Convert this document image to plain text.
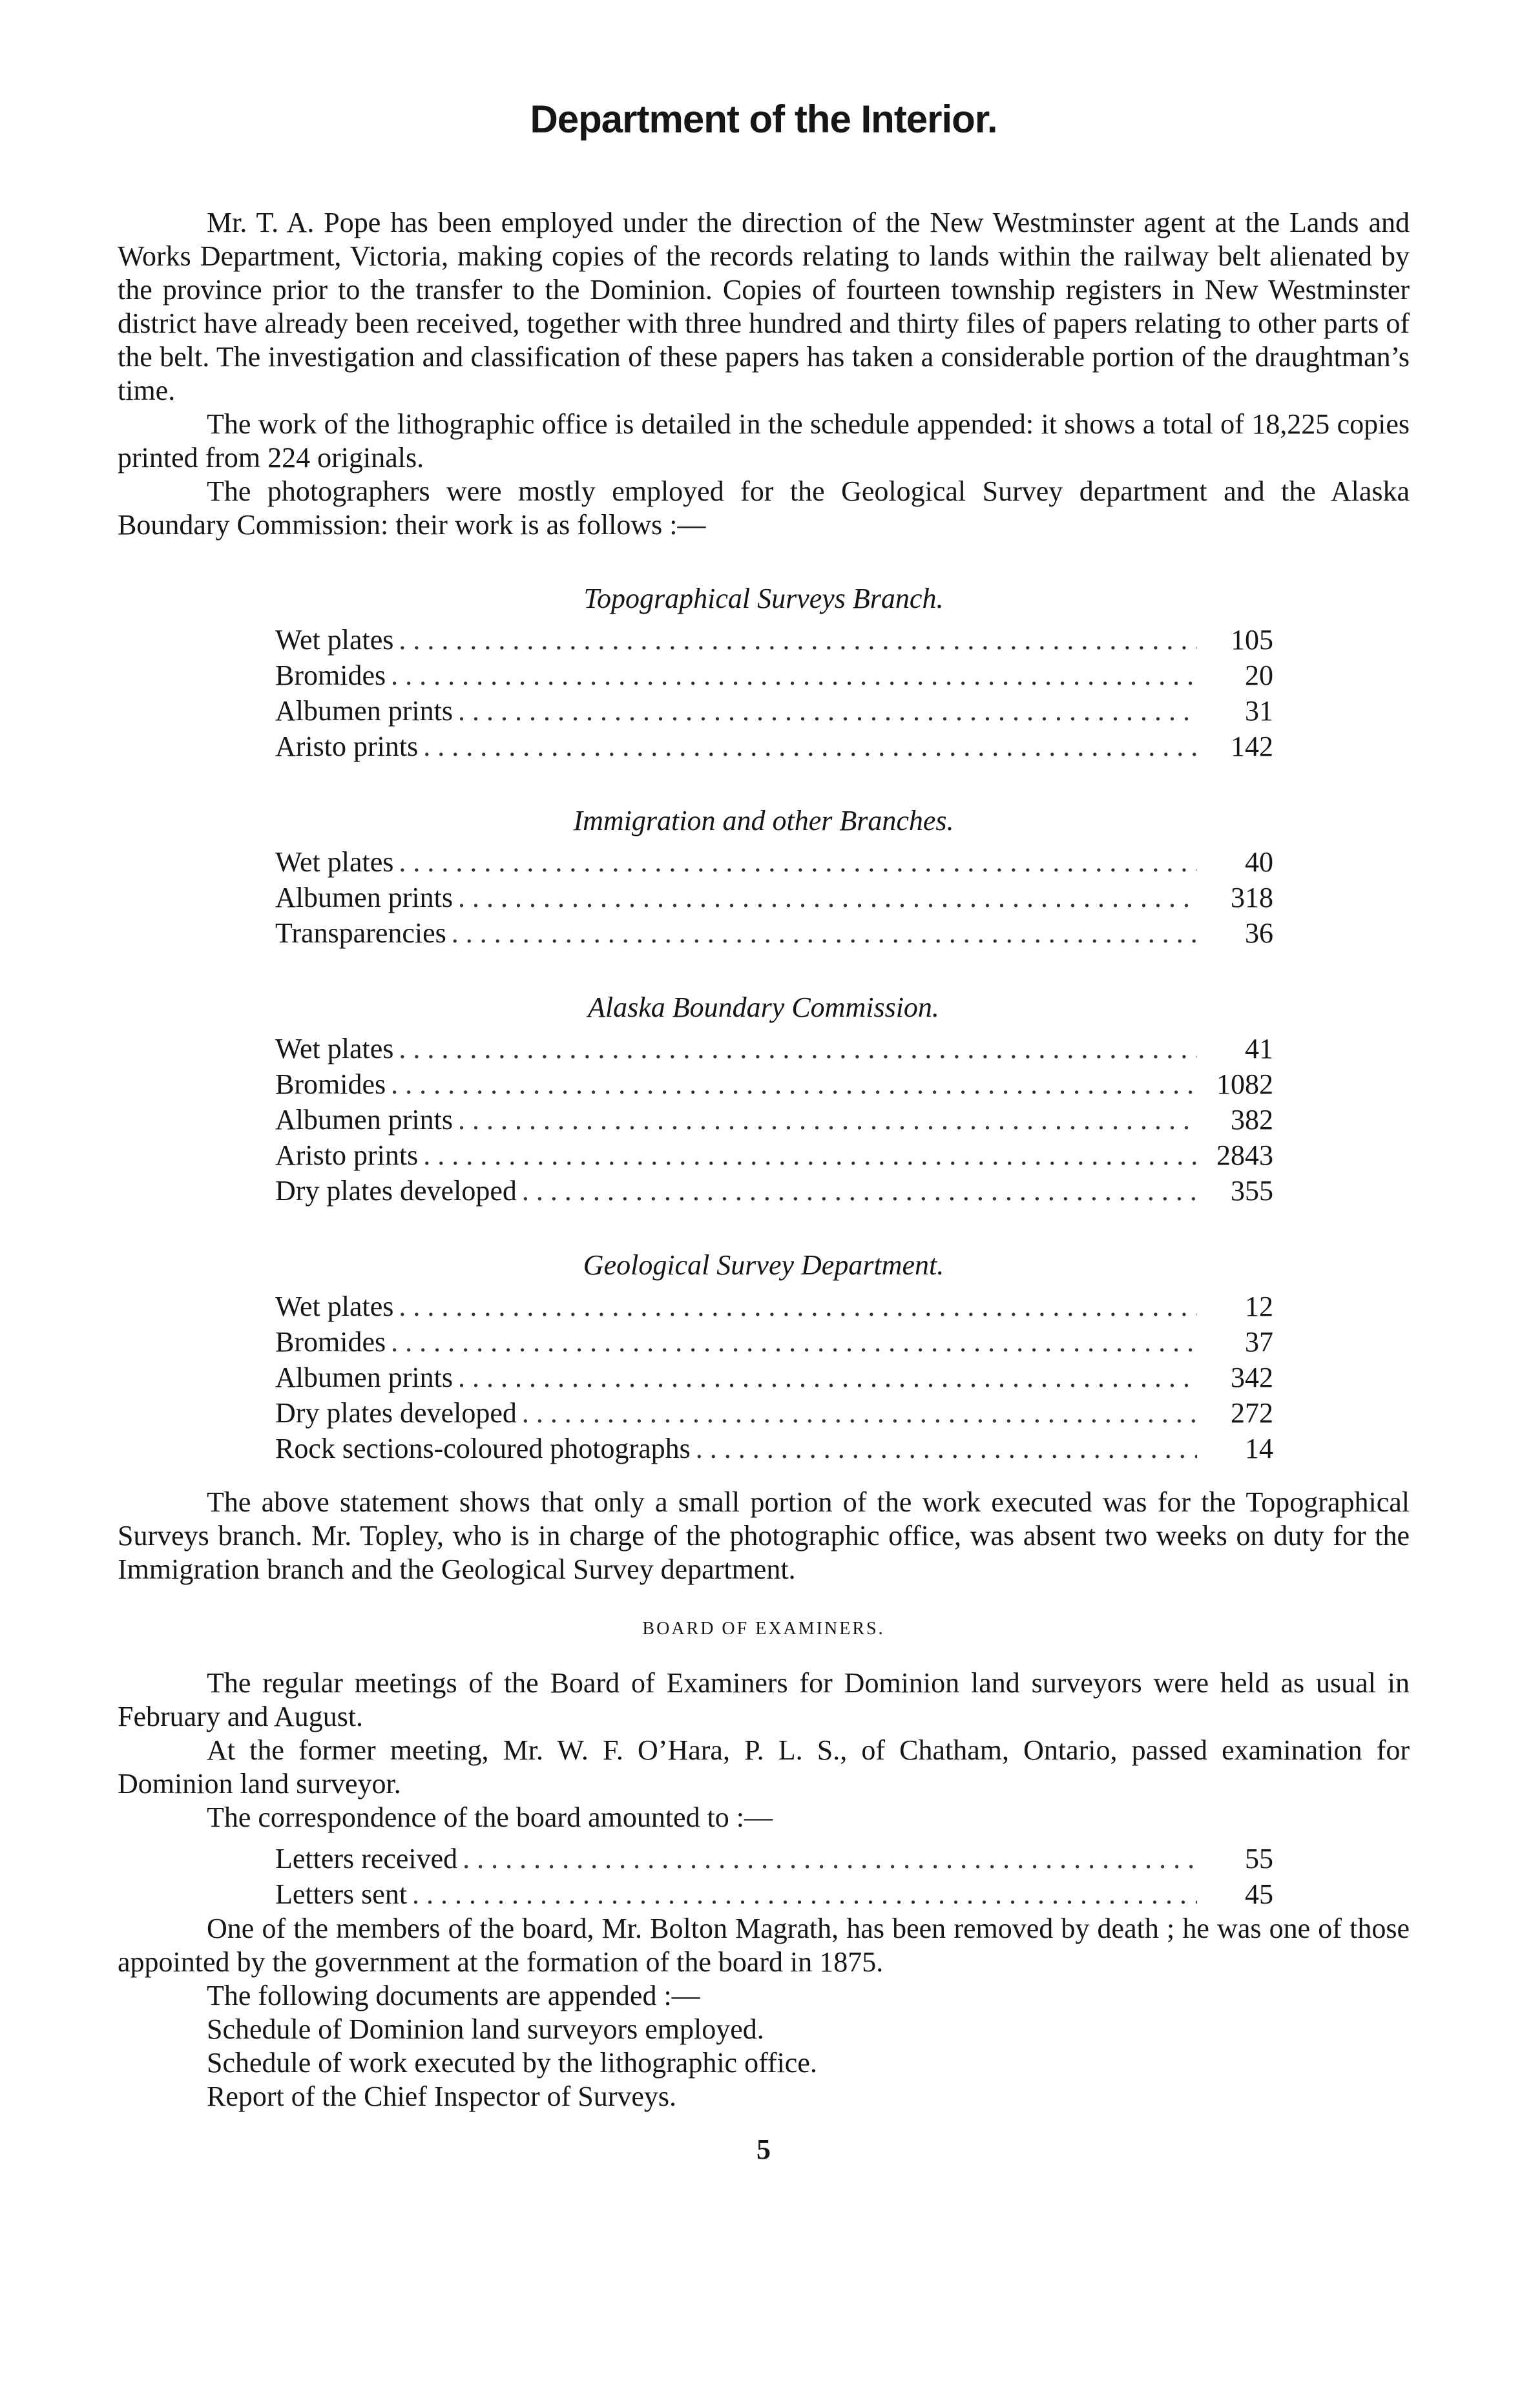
Department of the Interior.

Mr. T. A. Pope has been employed under the direction of the New Westminster agent at the Lands and Works Department, Victoria, making copies of the records relating to lands within the railway belt alienated by the province prior to the transfer to the Dominion. Copies of fourteen township registers in New Westminster district have already been received, together with three hundred and thirty files of papers relating to other parts of the belt. The investigation and classification of these papers has taken a considerable portion of the draughtman’s time.

The work of the lithographic office is detailed in the schedule appended: it shows a total of 18,225 copies printed from 224 originals.

The photographers were mostly employed for the Geological Survey department and the Alaska Boundary Commission: their work is as follows :—

Topographical Surveys Branch.
Wet plates . . .	105
Bromides . . .	20
Albumen prints . . .	31
Aristo prints . . .	142
Immigration and other Branches.
Wet plates . . .	40
Albumen prints . . .	318
Transparencies . . .	36
Alaska Boundary Commission.
Wet plates . . .	41
Bromides . . .	1082
Albumen prints . . .	382
Aristo prints . . .	2843
Dry plates developed . . .	355
Geological Survey Department.
Wet plates . . .	12
Bromides . . .	37
Albumen prints . . .	342
Dry plates developed . . .	272
Rock sections-coloured photographs . . .	14

The above statement shows that only a small portion of the work executed was for the Topographical Surveys branch. Mr. Topley, who is in charge of the photographic office, was absent two weeks on duty for the Immigration branch and the Geological Survey department.

BOARD OF EXAMINERS.

The regular meetings of the Board of Examiners for Dominion land surveyors were held as usual in February and August.

At the former meeting, Mr. W. F. O’Hara, P. L. S., of Chatham, Ontario, passed examination for Dominion land surveyor.

The correspondence of the board amounted to :—

Letters received . . .	55
Letters sent . . .	45

One of the members of the board, Mr. Bolton Magrath, has been removed by death ; he was one of those appointed by the government at the formation of the board in 1875.

The following documents are appended :—

Schedule of Dominion land surveyors employed.

Schedule of work executed by the lithographic office.

Report of the Chief Inspector of Surveys.

5
